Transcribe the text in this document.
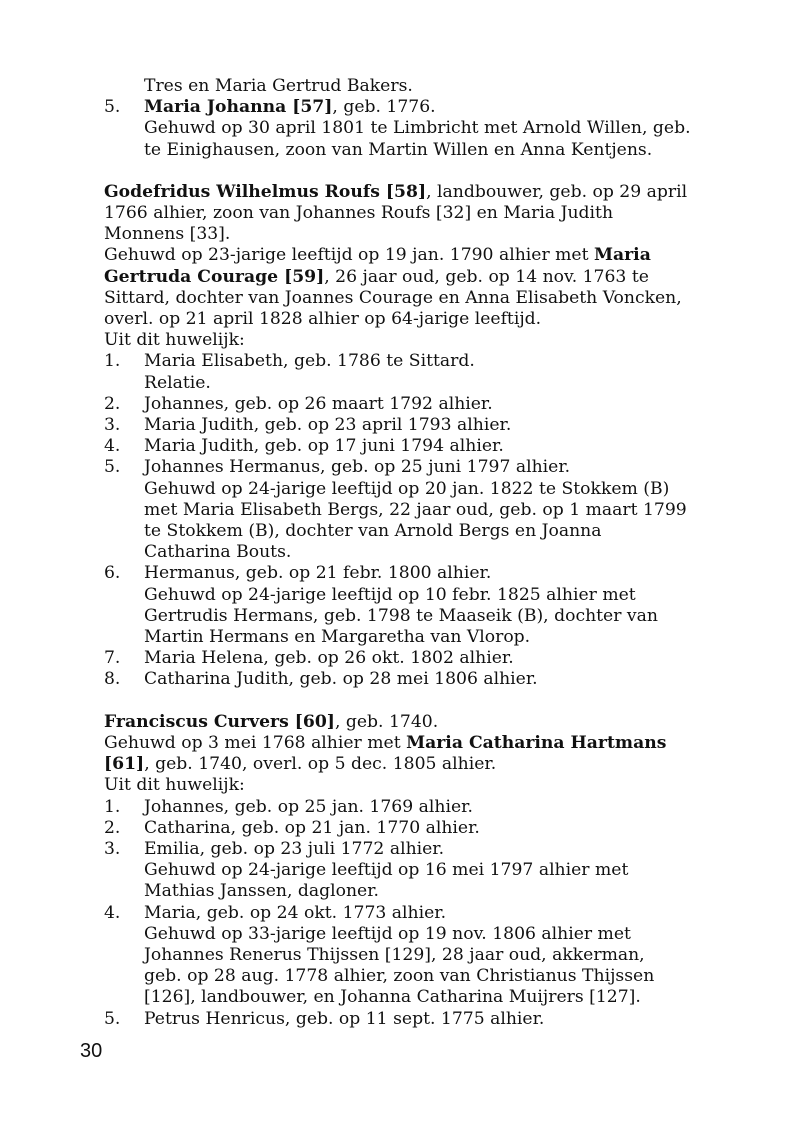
Tres en Maria Gertrud Bakers.
5. Maria Johanna [57], geb. 1776.
Gehuwd op 30 april 1801 te Limbricht met Arnold Willen, geb.
te Einighausen, zoon van Martin Willen en Anna Kentjens.
Godefridus Wilhelmus Roufs [58], landbouwer, geb. op 29 april
1766 alhier, zoon van Johannes Roufs [32] en Maria Judith
Monnens [33].
Gehuwd op 23-jarige leeftijd op 19 jan. 1790 alhier met Maria
Gertruda Courage [59], 26 jaar oud, geb. op 14 nov. 1763 te
Sittard, dochter van Joannes Courage en Anna Elisabeth Voncken,
overl. op 21 april 1828 alhier op 64-jarige leeftijd.
Uit dit huwelijk:
1. Maria Elisabeth, geb. 1786 te Sittard.
Relatie.
2. Johannes, geb. op 26 maart 1792 alhier.
3. Maria Judith, geb. op 23 april 1793 alhier.
4. Maria Judith, geb. op 17 juni 1794 alhier.
5. Johannes Hermanus, geb. op 25 juni 1797 alhier.
Gehuwd op 24-jarige leeftijd op 20 jan. 1822 te Stokkem (B)
met Maria Elisabeth Bergs, 22 jaar oud, geb. op 1 maart 1799
te Stokkem (B), dochter van Arnold Bergs en Joanna
Catharina Bouts.
6. Hermanus, geb. op 21 febr. 1800 alhier.
Gehuwd op 24-jarige leeftijd op 10 febr. 1825 alhier met
Gertrudis Hermans, geb. 1798 te Maaseik (B), dochter van
Martin Hermans en Margaretha van Vlorop.
7. Maria Helena, geb. op 26 okt. 1802 alhier.
8. Catharina Judith, geb. op 28 mei 1806 alhier.
Franciscus Curvers [60], geb. 1740.
Gehuwd op 3 mei 1768 alhier met Maria Catharina Hartmans
[61], geb. 1740, overl. op 5 dec. 1805 alhier.
Uit dit huwelijk:
1. Johannes, geb. op 25 jan. 1769 alhier.
2. Catharina, geb. op 21 jan. 1770 alhier.
3. Emilia, geb. op 23 juli 1772 alhier.
Gehuwd op 24-jarige leeftijd op 16 mei 1797 alhier met
Mathias Janssen, dagloner.
4. Maria, geb. op 24 okt. 1773 alhier.
Gehuwd op 33-jarige leeftijd op 19 nov. 1806 alhier met
Johannes Renerus Thijssen [129], 28 jaar oud, akkerman,
geb. op 28 aug. 1778 alhier, zoon van Christianus Thijssen
[126], landbouwer, en Johanna Catharina Muijrers [127].
5. Petrus Henricus, geb. op 11 sept. 1775 alhier.
30
